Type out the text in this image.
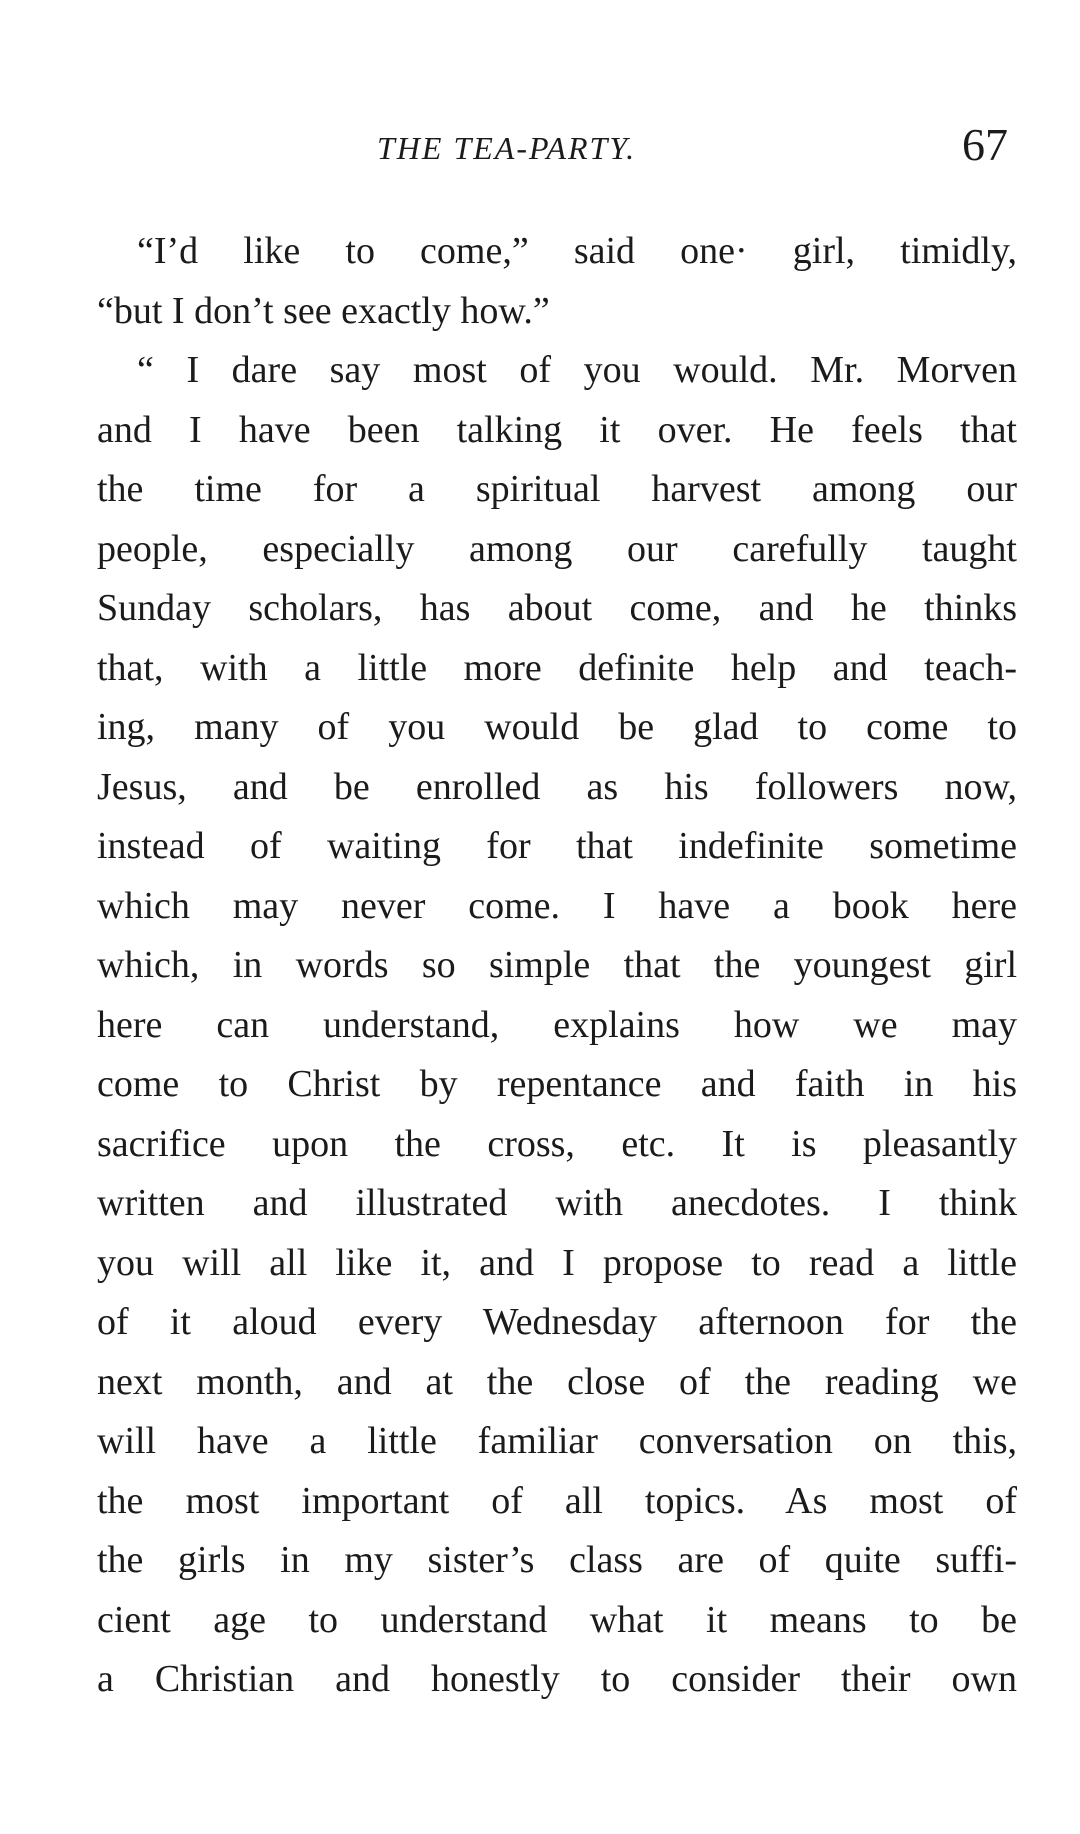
THE TEA-PARTY.	67
“I’d like to come,” said one· girl, timidly,
“but I don’t see exactly how.”
“ I dare say most of you would. Mr. Morven
and I have been talking it over. He feels that
the time for a spiritual harvest among our
people, especially among our carefully taught
Sunday scholars, has about come, and he thinks
that, with a little more definite help and teach-
ing, many of you would be glad to come to
Jesus, and be enrolled as his followers now,
instead of waiting for that indefinite sometime
which may never come. I have a book here
which, in words so simple that the youngest girl
here can understand, explains how we may
come to Christ by repentance and faith in his
sacrifice upon the cross, etc. It is pleasantly
written and illustrated with anecdotes. I think
you will all like it, and I propose to read a little
of it aloud every Wednesday afternoon for the
next month, and at the close of the reading we
will have a little familiar conversation on this,
the most important of all topics. As most of
the girls in my sister’s class are of quite suffi-
cient age to understand what it means to be
a Christian and honestly to consider their own
